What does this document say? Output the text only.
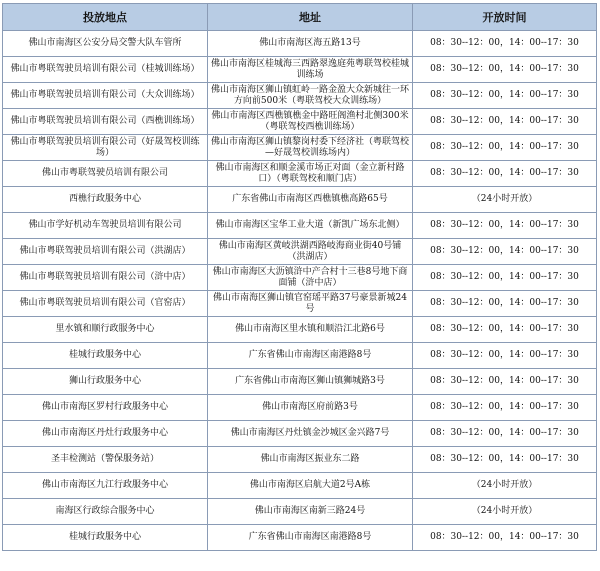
投放地点	地址	开放时间
佛山市南海区公安分局交警大队车管所	佛山市南海区海五路13号	08：30--12：00，14：00--17：30
佛山市粤联驾驶员培训有限公司（桂城训练场）	佛山市南海区桂城海三西路翠逸庭苑粤联驾校桂城训练场	08：30--12：00，14：00--17：30
佛山市粤联驾驶员培训有限公司（大众训练场）	佛山市南海区狮山镇虹岭一路金盈大众新城往一环方向前500米（粤联驾校大众训练场）	08：30--12：00，14：00--17：30
佛山市粤联驾驶员培训有限公司（西樵训练场）	佛山市南海区西樵镇樵金中路旺阁渔村北侧300米（粤联驾校西樵训练场）	08：30--12：00，14：00--17：30
佛山市粤联驾驶员培训有限公司（好晟驾校训练场）	佛山市南海区狮山镇黎岗村委下经济社（粤联驾校—好晟驾校训练场内）	08：30--12：00，14：00--17：30
佛山市粤联驾驶员培训有限公司	佛山市南海区和顺金溪市场正对面（金立新村路口）（粤联驾校和顺门店）	08：30--12：00，14：00--17：30
西樵行政服务中心	广东省佛山市南海区西樵镇樵高路65号	（24小时开放）
佛山市学好机动车驾驶员培训有限公司	佛山市南海区宝华工业大道（新凯广场东北侧）	08：30--12：00，14：00--17：30
佛山市粤联驾驶员培训有限公司（洪湖店）	佛山市南海区黄岐洪湖西路岐海商业街40号铺（洪湖店）	08：30--12：00，14：00--17：30
佛山市粤联驾驶员培训有限公司（浒中店）	佛山市南海区大沥镇浒中产合村十三巷8号地下商面铺（浒中店）	08：30--12：00，14：00--17：30
佛山市粤联驾驶员培训有限公司（官窑店）	佛山市南海区狮山镇官窑瑶平路37号豪景新城24号	08：30--12：00，14：00--17：30
里水镇和顺行政服务中心	佛山市南海区里水镇和顺沿江北路6号	08：30--12：00，14：00--17：30
桂城行政服务中心	广东省佛山市南海区南港路8号	08：30--12：00，14：00--17：30
狮山行政服务中心	广东省佛山市南海区狮山镇狮城路3号	08：30--12：00，14：00--17：30
佛山市南海区罗村行政服务中心	佛山市南海区府前路3号	08：30--12：00，14：00--17：30
佛山市南海区丹灶行政服务中心	佛山市南海区丹灶镇金沙城区金兴路7号	08：30--12：00，14：00--17：30
圣丰检测站（警保服务站）	佛山市南海区振业东二路	08：30--12：00，14：00--17：30
佛山市南海区九江行政服务中心	佛山市南海区启航大道2号A栋	（24小时开放）
南海区行政综合服务中心	佛山市南海区南新三路24号	（24小时开放）
桂城行政服务中心	广东省佛山市南海区南港路8号	08：30--12：00，14：00--17：30
